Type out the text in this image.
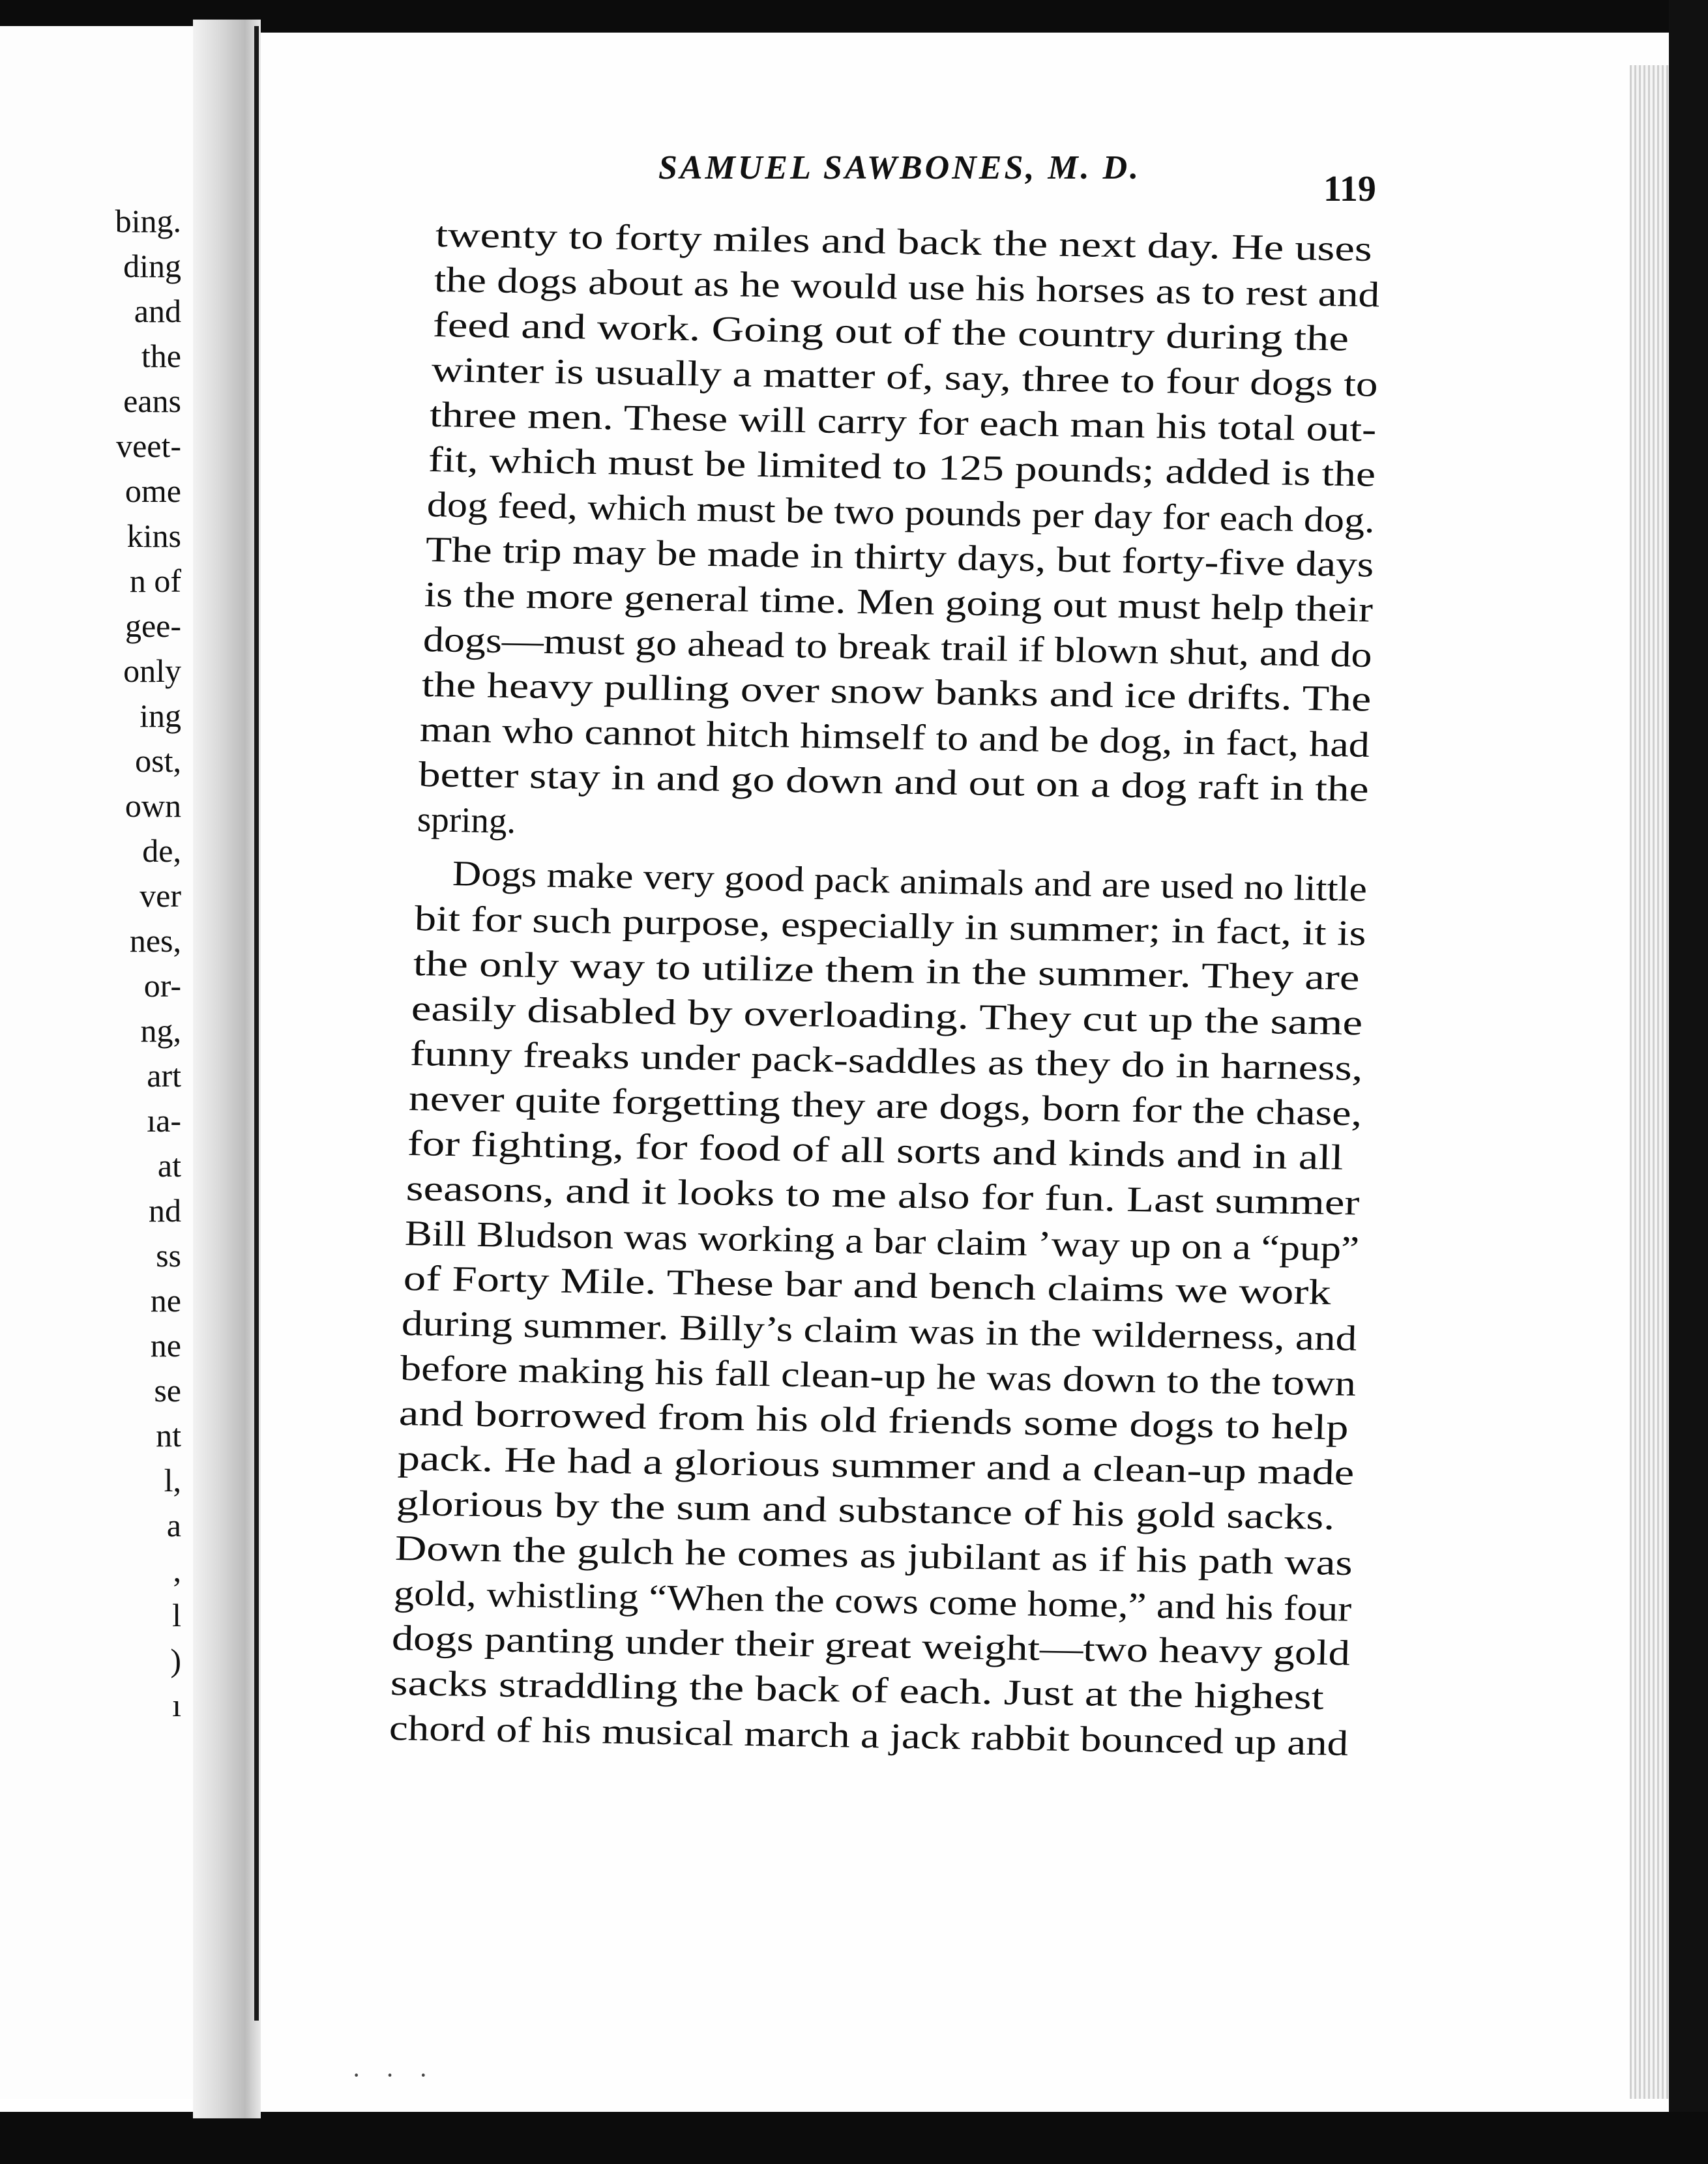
bing.
ding
and
the
eans
veet-
ome
kins
n of
gee-
only
ing
ost,
own
de,
ver
nes,
or-
ng,
art
ıa-
at
nd
ss
ne
ne
se
nt
l,
a
,
l
)
ı
SAMUEL SAWBONES, M. D.
119
twenty to forty miles and back the next day. He uses
the dogs about as he would use his horses as to rest and
feed and work. Going out of the country during the
winter is usually a matter of, say, three to four dogs to
three men. These will carry for each man his total out-
fit, which must be limited to 125 pounds; added is the
dog feed, which must be two pounds per day for each dog.
The trip may be made in thirty days, but forty-five days
is the more general time. Men going out must help their
dogs—must go ahead to break trail if blown shut, and do
the heavy pulling over snow banks and ice drifts. The
man who cannot hitch himself to and be dog, in fact, had
better stay in and go down and out on a dog raft in the
spring.
Dogs make very good pack animals and are used no little
bit for such purpose, especially in summer; in fact, it is
the only way to utilize them in the summer. They are
easily disabled by overloading. They cut up the same
funny freaks under pack-saddles as they do in harness,
never quite forgetting they are dogs, born for the chase,
for fighting, for food of all sorts and kinds and in all
seasons, and it looks to me also for fun. Last summer
Bill Bludson was working a bar claim ’way up on a “pup”
of Forty Mile. These bar and bench claims we work
during summer. Billy’s claim was in the wilderness, and
before making his fall clean-up he was down to the town
and borrowed from his old friends some dogs to help
pack. He had a glorious summer and a clean-up made
glorious by the sum and substance of his gold sacks.
Down the gulch he comes as jubilant as if his path was
gold, whistling “When the cows come home,” and his four
dogs panting under their great weight—two heavy gold
sacks straddling the back of each. Just at the highest
chord of his musical march a jack rabbit bounced up and
· · ·
